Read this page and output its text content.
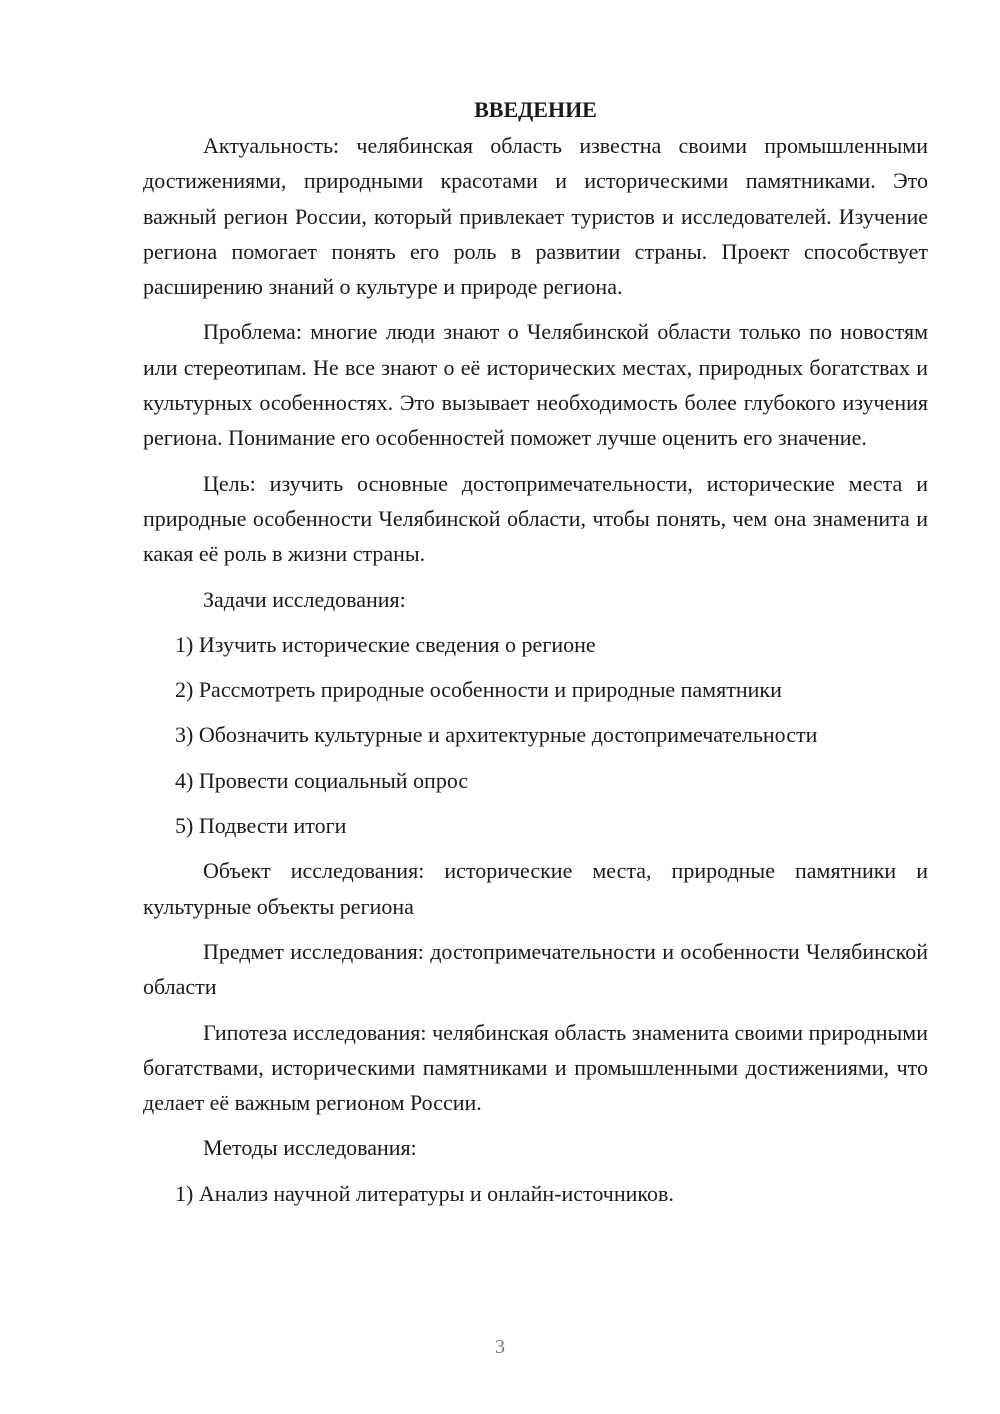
ВВЕДЕНИЕ

Актуальность: челябинская область известна своими промышленными достижениями, природными красотами и историческими памятниками. Это важный регион России, который привлекает туристов и исследователей. Изучение региона помогает понять его роль в развитии страны. Проект способствует расширению знаний о культуре и природе региона.

Проблема: многие люди знают о Челябинской области только по новостям или стереотипам. Не все знают о её исторических местах, природных богатствах и культурных особенностях. Это вызывает необходимость более глубокого изучения региона. Понимание его особенностей поможет лучше оценить его значение.

Цель: изучить основные достопримечательности, исторические места и природные особенности Челябинской области, чтобы понять, чем она знаменита и какая её роль в жизни страны.

Задачи исследования:
1) Изучить исторические сведения о регионе
2) Рассмотреть природные особенности и природные памятники
3) Обозначить культурные и архитектурные достопримечательности
4) Провести социальный опрос
5) Подвести итоги

Объект исследования: исторические места, природные памятники и культурные объекты региона

Предмет исследования: достопримечательности и особенности Челябинской области

Гипотеза исследования: челябинская область знаменита своими природными богатствами, историческими памятниками и промышленными достижениями, что делает её важным регионом России.

Методы исследования:
1) Анализ научной литературы и онлайн-источников.
3
